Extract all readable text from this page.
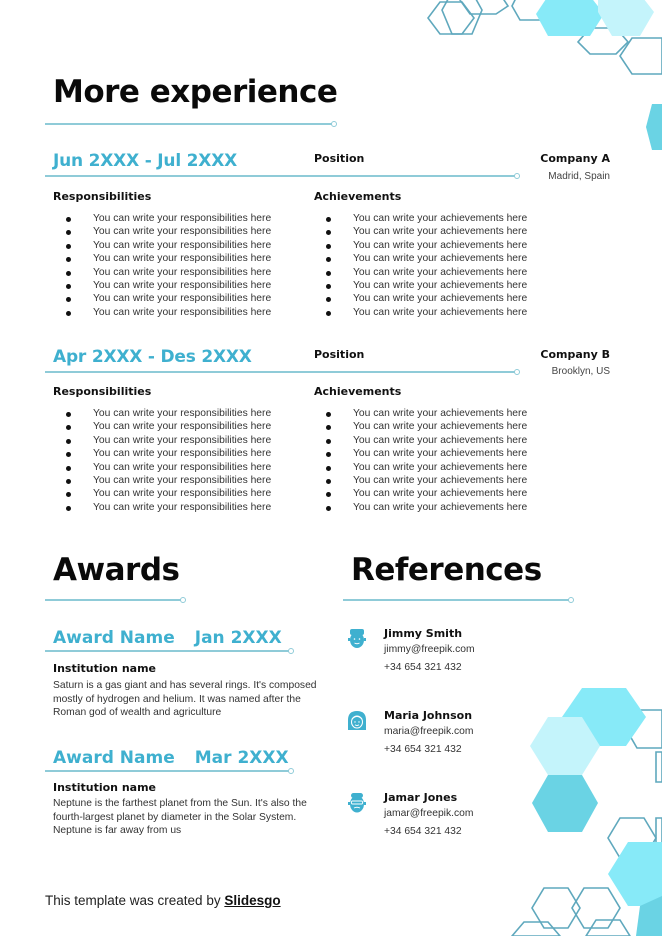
More experience
Jun 2XXX - Jul 2XXX	Position	Company A
Madrid, Spain
Responsibilities	Achievements
You can write your responsibilities here
You can write your responsibilities here
You can write your responsibilities here
You can write your responsibilities here
You can write your responsibilities here
You can write your responsibilities here
You can write your responsibilities here
You can write your responsibilities here
You can write your achievements here
You can write your achievements here
You can write your achievements here
You can write your achievements here
You can write your achievements here
You can write your achievements here
You can write your achievements here
You can write your achievements here
Apr 2XXX - Des 2XXX	Position	Company B
Brooklyn, US
Responsibilities	Achievements
You can write your responsibilities here
You can write your responsibilities here
You can write your responsibilities here
You can write your responsibilities here
You can write your responsibilities here
You can write your responsibilities here
You can write your responsibilities here
You can write your responsibilities here
You can write your achievements here
You can write your achievements here
You can write your achievements here
You can write your achievements here
You can write your achievements here
You can write your achievements here
You can write your achievements here
You can write your achievements here
Awards
Award Name Jan 2XXX
Institution name
Saturn is a gas giant and has several rings. It's composed mostly of hydrogen and helium. It was named after the Roman god of wealth and agriculture
Award Name Mar 2XXX
Institution name
Neptune is the farthest planet from the Sun. It's also the fourth-largest planet by diameter in the Solar System. Neptune is far away from us
References
Jimmy Smith
jimmy@freepik.com
+34 654 321 432
Maria Johnson
maria@freepik.com
+34 654 321 432
Jamar Jones
jamar@freepik.com
+34 654 321 432
This template was created by Slidesgo
